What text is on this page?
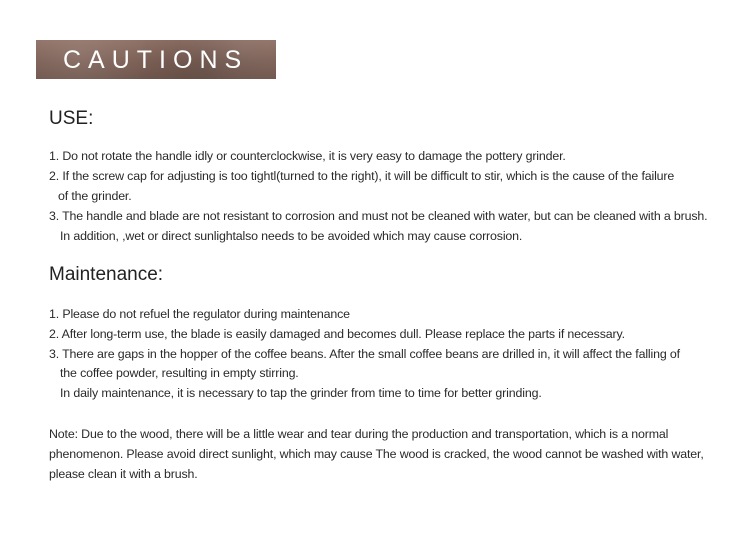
CAUTIONS
USE:
1. Do not rotate the handle idly or counterclockwise, it is very easy to damage the pottery grinder.
2. If the screw cap for adjusting is too tightl(turned to the right), it will be difficult to stir, which is the cause of the failure
of the grinder.
3. The handle and blade are not resistant to corrosion and must not be cleaned with water, but can be cleaned with a brush.
In addition, ,wet or direct sunlightalso needs to be avoided which may cause corrosion.
Maintenance:
1. Please do not refuel the regulator during maintenance
2. After long-term use, the blade is easily damaged and becomes dull. Please replace the parts if necessary.
3. There are gaps in the hopper of the coffee beans. After the small coffee beans are drilled in, it will affect the falling of
the coffee powder, resulting in empty stirring.
In daily maintenance, it is necessary to tap the grinder from time to time for better grinding.
Note: Due to the wood, there will be a little wear and tear during the production and transportation, which is a normal
phenomenon. Please avoid direct sunlight, which may cause The wood is cracked, the wood cannot be washed with water,
please clean it with a brush.
